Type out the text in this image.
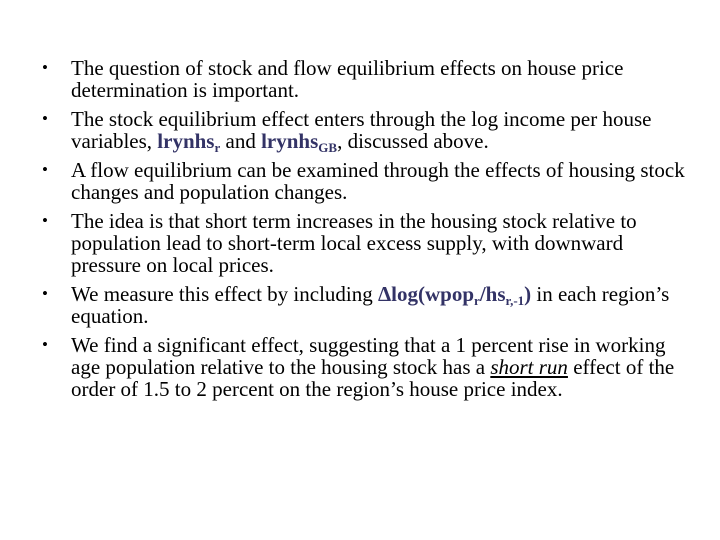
• The question of stock and flow equilibrium effects on house price determination is important.
• The stock equilibrium effect enters through the log income per house variables, lrynhs$_r$ and lrynhs$_{GB}$, discussed above.
• A flow equilibrium can be examined through the effects of housing stock changes and population changes.
• The idea is that short term increases in the housing stock relative to population lead to short-term local excess supply, with downward pressure on local prices.
• We measure this effect by including $\Delta\log(wpop_r/hs_{r,-1})$ in each region’s equation.
• We find a significant effect, suggesting that a 1 percent rise in working age population relative to the housing stock has a short run effect of the order of 1.5 to 2 percent on the region’s house price index.
